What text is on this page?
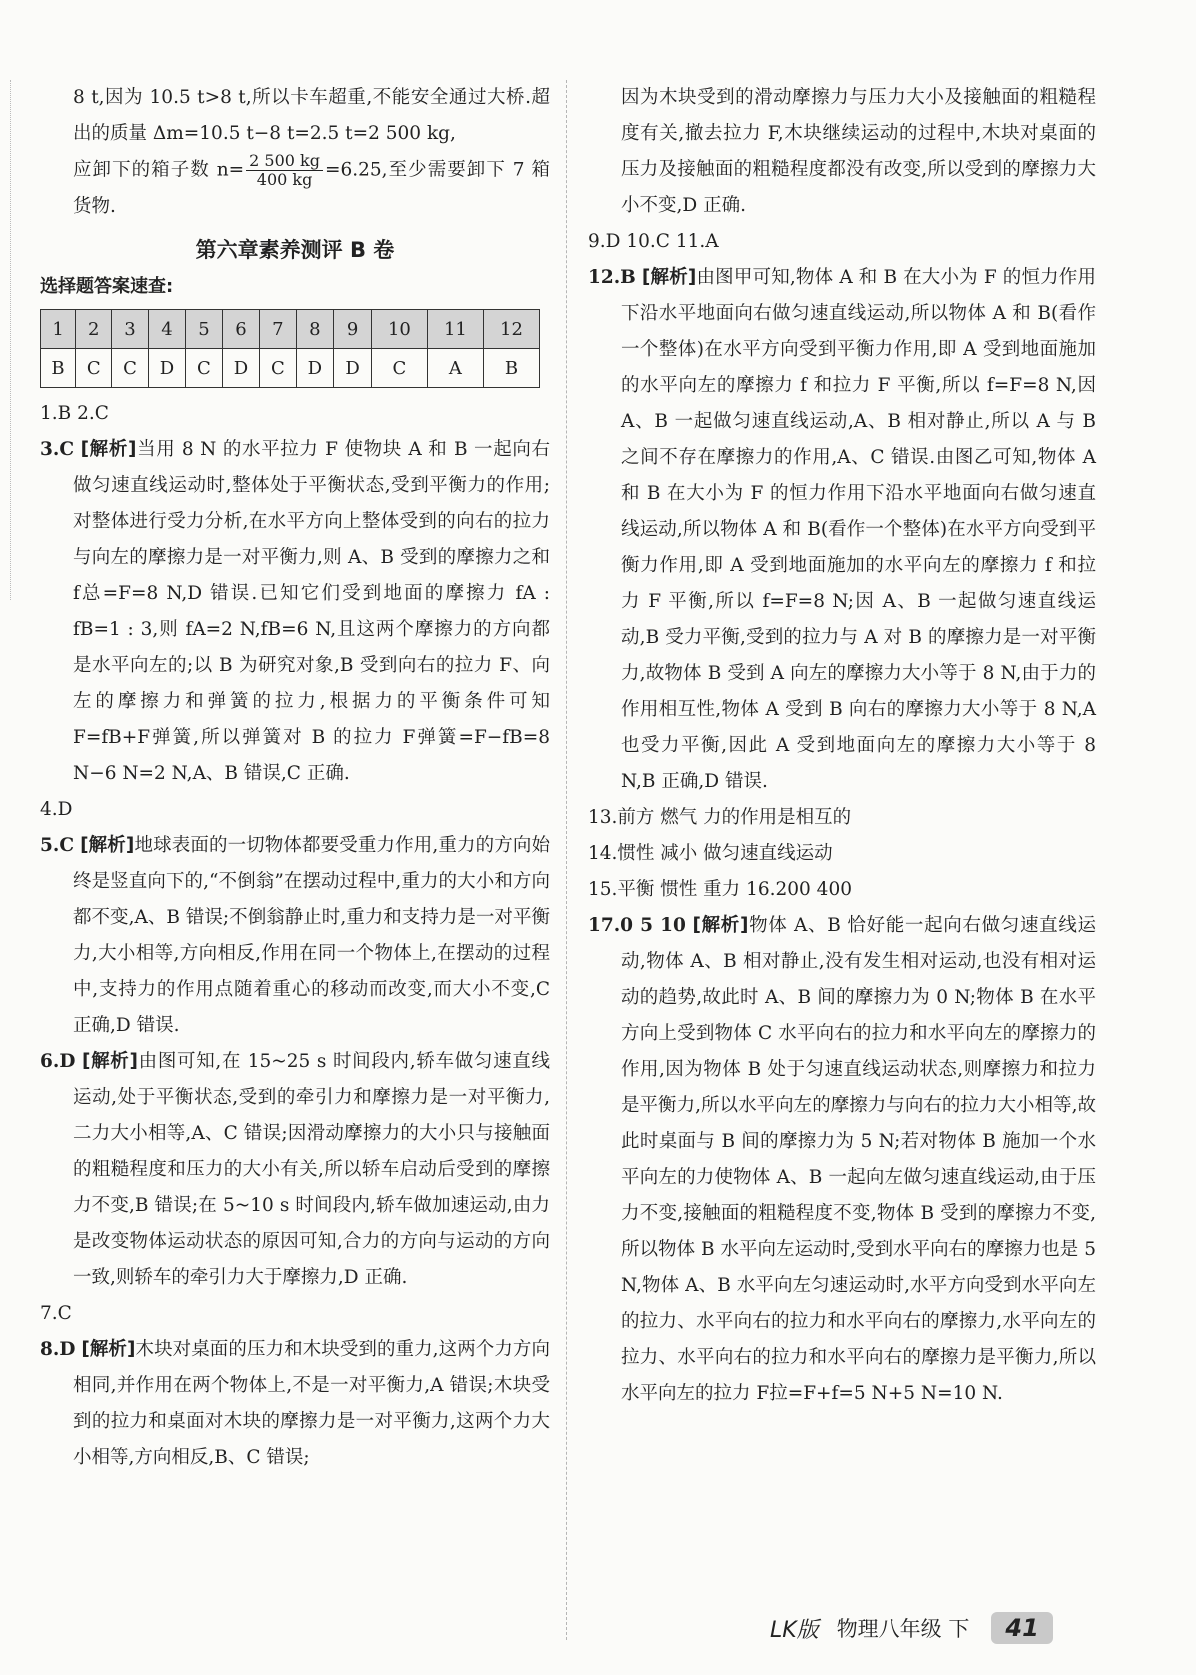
8 t,因为 10.5 t>8 t,所以卡车超重,不能安全通过大桥.超出的质量 Δm=10.5 t−8 t=2.5 t=2 500 kg,

应卸下的箱子数 $n= \frac{2 500 kg}{400 kg} =6.25$,至少需要卸下 7 箱货物.

第六章素养测评 B 卷

选择题答案速查:

1	2	3	4	5	6	7	8	9	10	11	12
B	C	C	D	C	D	C	D	D	C	A	B

1.B 2.C

3.C [解析]当用 8 N 的水平拉力 F 使物块 A 和 B 一起向右做匀速直线运动时,整体处于平衡状态,受到平衡力的作用;对整体进行受力分析,在水平方向上整体受到的向右的拉力与向左的摩擦力是一对平衡力,则 A、B 受到的摩擦力之和 f总=F=8 N,D 错误.已知它们受到地面的摩擦力 fA : fB=1 : 3,则 fA=2 N,fB=6 N,且这两个摩擦力的方向都是水平向左的;以 B 为研究对象,B 受到向右的拉力 F、向左的摩擦力和弹簧的拉力,根据力的平衡条件可知 F=fB+F弹簧,所以弹簧对 B 的拉力 F弹簧=F−fB=8 N−6 N=2 N,A、B 错误,C 正确.

4.D

5.C [解析]地球表面的一切物体都要受重力作用,重力的方向始终是竖直向下的,“不倒翁”在摆动过程中,重力的大小和方向都不变,A、B 错误;不倒翁静止时,重力和支持力是一对平衡力,大小相等,方向相反,作用在同一个物体上,在摆动的过程中,支持力的作用点随着重心的移动而改变,而大小不变,C 正确,D 错误.

6.D [解析]由图可知,在 15~25 s 时间段内,轿车做匀速直线运动,处于平衡状态,受到的牵引力和摩擦力是一对平衡力,二力大小相等,A、C 错误;因滑动摩擦力的大小只与接触面的粗糙程度和压力的大小有关,所以轿车启动后受到的摩擦力不变,B 错误;在 5~10 s 时间段内,轿车做加速运动,由力是改变物体运动状态的原因可知,合力的方向与运动的方向一致,则轿车的牵引力大于摩擦力,D 正确.

7.C

8.D [解析]木块对桌面的压力和木块受到的重力,这两个力方向相同,并作用在两个物体上,不是一对平衡力,A 错误;木块受到的拉力和桌面对木块的摩擦力是一对平衡力,这两个力大小相等,方向相反,B、C 错误;

因为木块受到的滑动摩擦力与压力大小及接触面的粗糙程度有关,撤去拉力 F,木块继续运动的过程中,木块对桌面的压力及接触面的粗糙程度都没有改变,所以受到的摩擦力大小不变,D 正确.

9.D 10.C 11.A

12.B [解析]由图甲可知,物体 A 和 B 在大小为 F 的恒力作用下沿水平地面向右做匀速直线运动,所以物体 A 和 B(看作一个整体)在水平方向受到平衡力作用,即 A 受到地面施加的水平向左的摩擦力 f 和拉力 F 平衡,所以 f=F=8 N,因 A、B 一起做匀速直线运动,A、B 相对静止,所以 A 与 B 之间不存在摩擦力的作用,A、C 错误.由图乙可知,物体 A 和 B 在大小为 F 的恒力作用下沿水平地面向右做匀速直线运动,所以物体 A 和 B(看作一个整体)在水平方向受到平衡力作用,即 A 受到地面施加的水平向左的摩擦力 f 和拉力 F 平衡,所以 f=F=8 N;因 A、B 一起做匀速直线运动,B 受力平衡,受到的拉力与 A 对 B 的摩擦力是一对平衡力,故物体 B 受到 A 向左的摩擦力大小等于 8 N,由于力的作用相互性,物体 A 受到 B 向右的摩擦力大小等于 8 N,A 也受力平衡,因此 A 受到地面向左的摩擦力大小等于 8 N,B 正确,D 错误.

13.前方 燃气 力的作用是相互的

14.惯性 减小 做匀速直线运动

15.平衡 惯性 重力 16.200 400

17.0 5 10 [解析]物体 A、B 恰好能一起向右做匀速直线运动,物体 A、B 相对静止,没有发生相对运动,也没有相对运动的趋势,故此时 A、B 间的摩擦力为 0 N;物体 B 在水平方向上受到物体 C 水平向右的拉力和水平向左的摩擦力的作用,因为物体 B 处于匀速直线运动状态,则摩擦力和拉力是平衡力,所以水平向左的摩擦力与向右的拉力大小相等,故此时桌面与 B 间的摩擦力为 5 N;若对物体 B 施加一个水平向左的力使物体 A、B 一起向左做匀速直线运动,由于压力不变,接触面的粗糙程度不变,物体 B 受到的摩擦力不变,所以物体 B 水平向左运动时,受到水平向右的摩擦力也是 5 N,物体 A、B 水平向左匀速运动时,水平方向受到水平向左的拉力、水平向右的拉力和水平向右的摩擦力,水平向左的拉力、水平向右的拉力和水平向右的摩擦力是平衡力,所以水平向左的拉力 F拉=F+f=5 N+5 N=10 N.

LK版 物理八年级 下	41
